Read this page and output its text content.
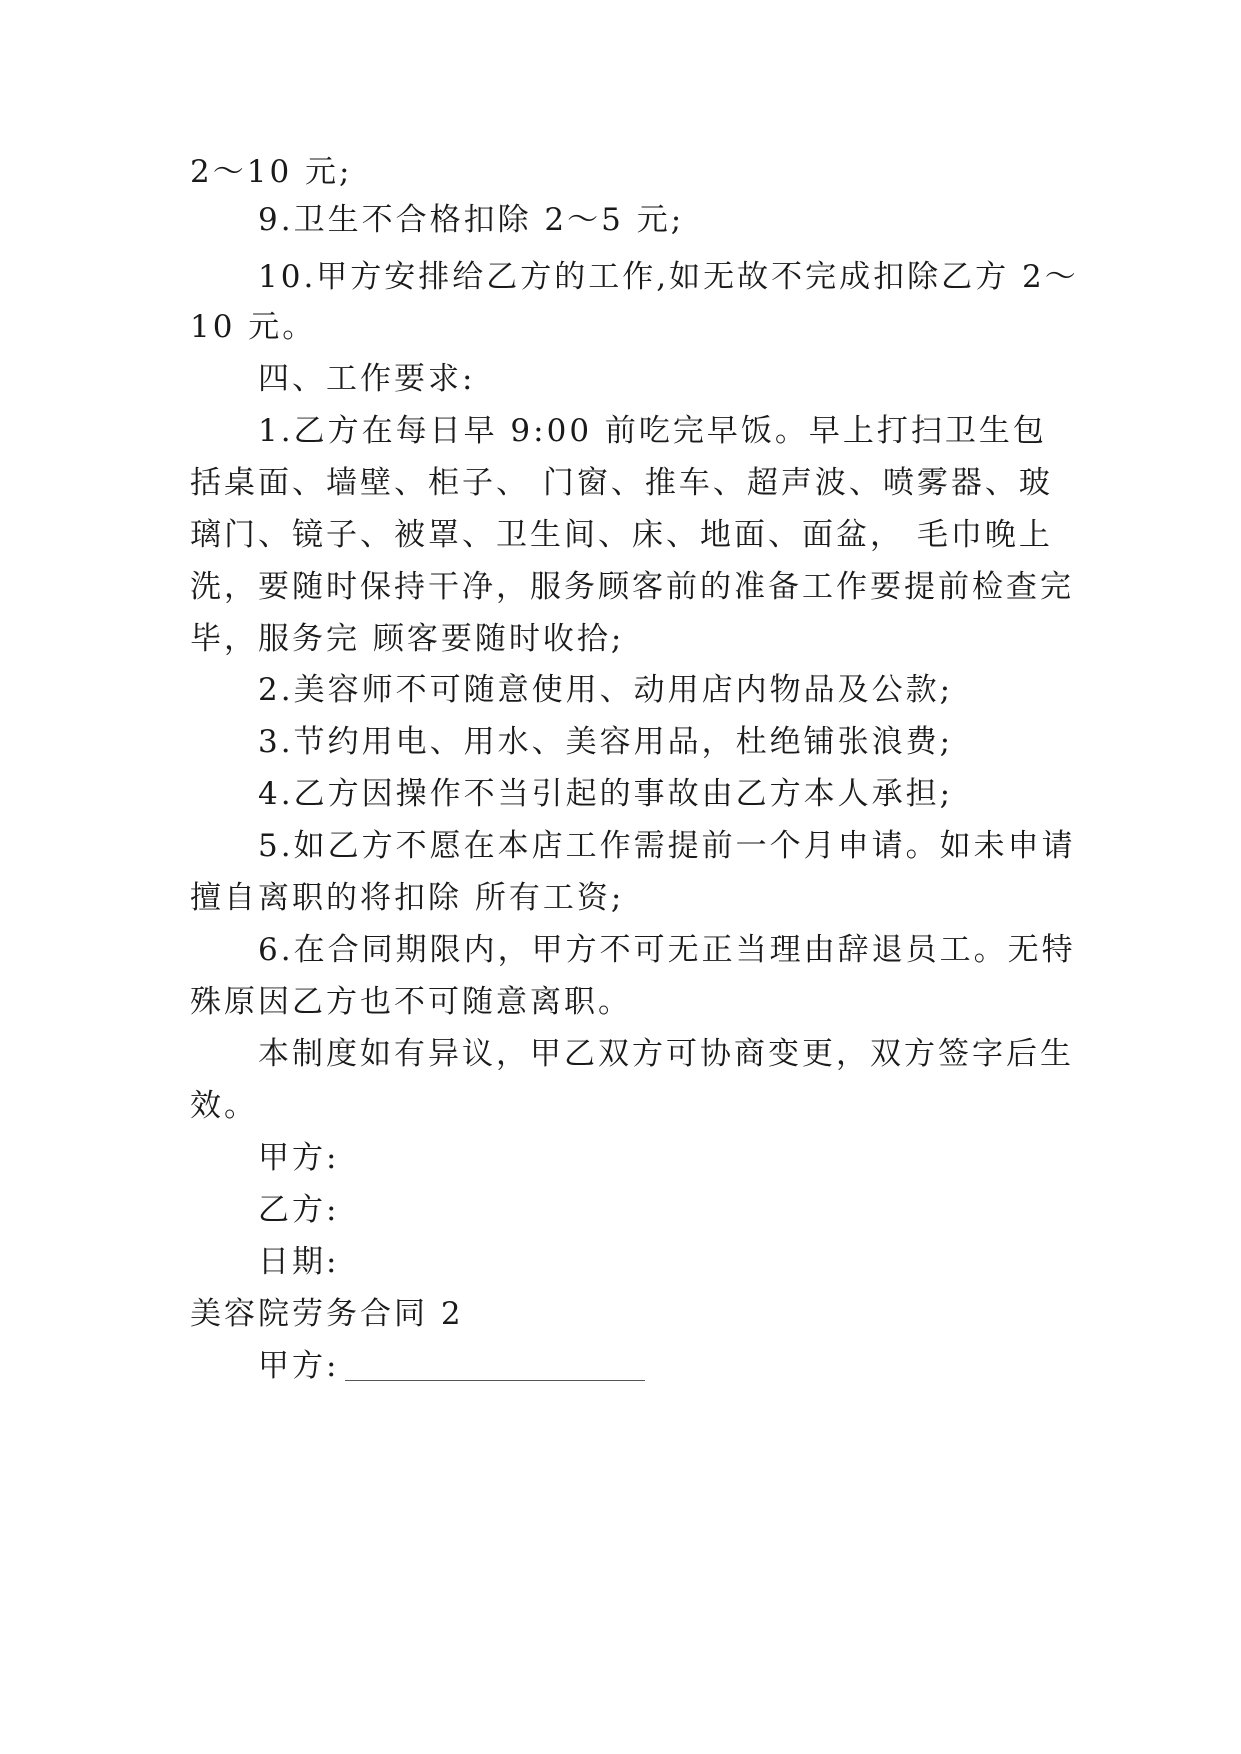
2～10 元;
9.卫生不合格扣除 2～5 元;
10.甲方安排给乙方的工作,如无故不完成扣除乙方 2～
10 元。
四、工作要求:
1.乙方在每日早 9:00 前吃完早饭。早上打扫卫生包
括桌面、墙壁、柜子、 门窗、推车、超声波、喷雾器、玻
璃门、镜子、被罩、卫生间、床、地面、面盆， 毛巾晚上
洗，要随时保持干净，服务顾客前的准备工作要提前检查完
毕，服务完 顾客要随时收拾;
2.美容师不可随意使用、动用店内物品及公款;
3.节约用电、用水、美容用品，杜绝铺张浪费;
4.乙方因操作不当引起的事故由乙方本人承担;
5.如乙方不愿在本店工作需提前一个月申请。如未申请
擅自离职的将扣除 所有工资;
6.在合同期限内，甲方不可无正当理由辞退员工。无特
殊原因乙方也不可随意离职。
本制度如有异议，甲乙双方可协商变更，双方签字后生
效。
甲方:
乙方:
日期:
美容院劳务合同 2
甲方:
